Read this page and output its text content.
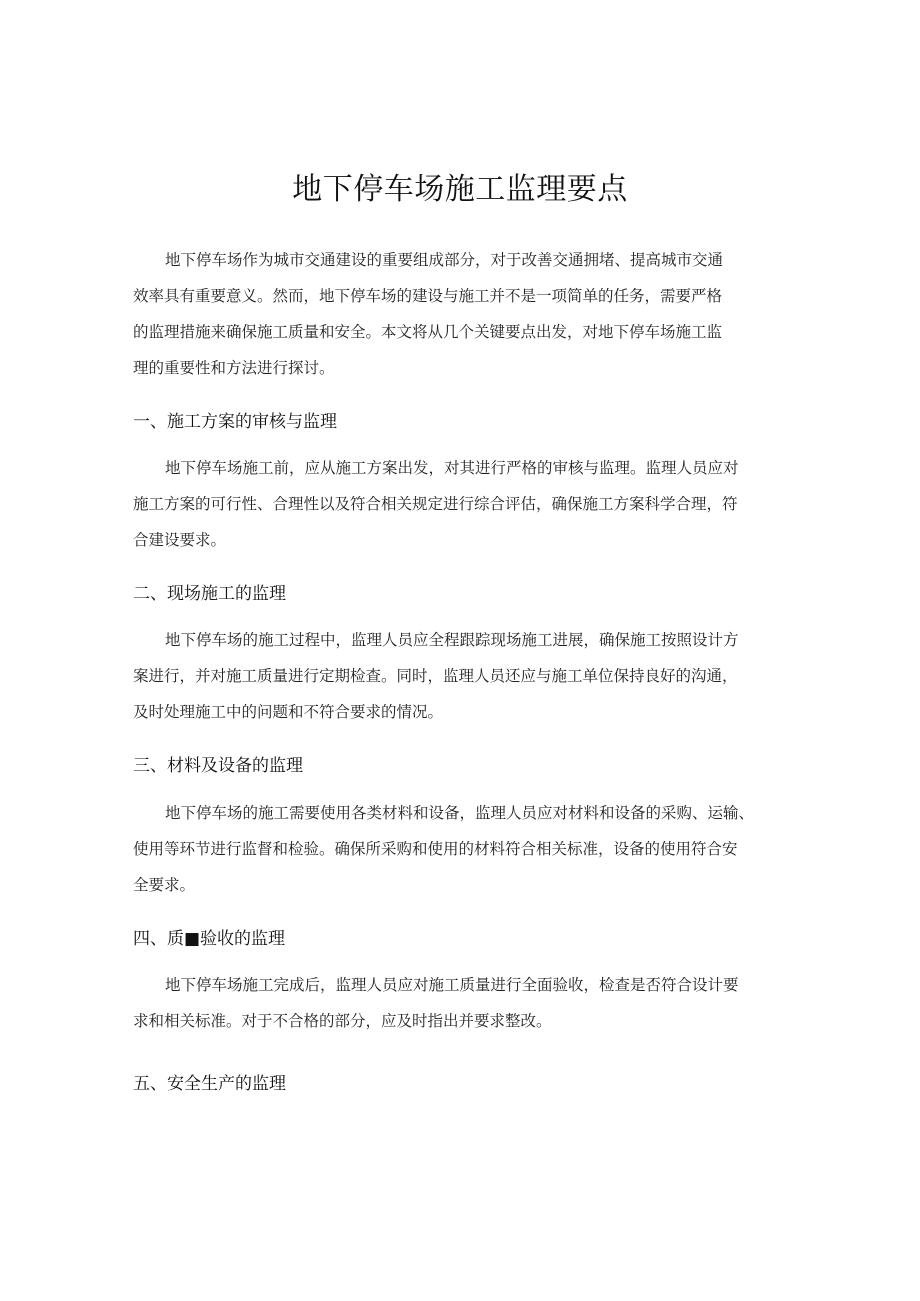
地下停车场施工监理要点
地下停车场作为城市交通建设的重要组成部分，对于改善交通拥堵、提高城市交通
效率具有重要意义。然而，地下停车场的建设与施工并不是一项简单的任务，需要严格
的监理措施来确保施工质量和安全。本文将从几个关键要点出发，对地下停车场施工监
理的重要性和方法进行探讨。
一、施工方案的审核与监理
地下停车场施工前，应从施工方案出发，对其进行严格的审核与监理。监理人员应对
施工方案的可行性、合理性以及符合相关规定进行综合评估，确保施工方案科学合理，符
合建设要求。
二、现场施工的监理
地下停车场的施工过程中，监理人员应全程跟踪现场施工进展，确保施工按照设计方
案进行，并对施工质量进行定期检查。同时，监理人员还应与施工单位保持良好的沟通，
及时处理施工中的问题和不符合要求的情况。
三、材料及设备的监理
地下停车场的施工需要使用各类材料和设备，监理人员应对材料和设备的采购、运输、
使用等环节进行监督和检验。确保所采购和使用的材料符合相关标准，设备的使用符合安
全要求。
四、质■验收的监理
地下停车场施工完成后，监理人员应对施工质量进行全面验收，检查是否符合设计要
求和相关标准。对于不合格的部分，应及时指出并要求整改。
五、安全生产的监理
